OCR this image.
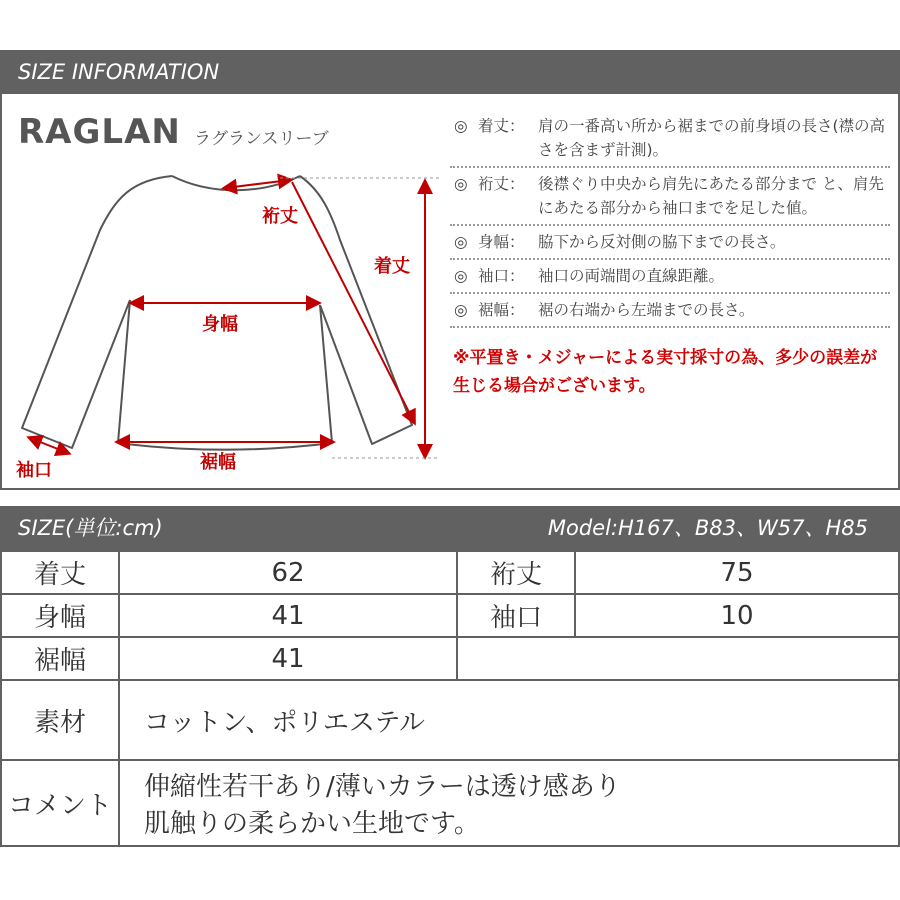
SIZE INFORMATION
RAGLAN ラグランスリーブ
裄丈
着丈
身幅
裾幅
袖口
◎ 着丈： 肩の一番高い所から裾までの前身頃の長さ(襟の高さを含まず計測)。
◎ 裄丈： 後襟ぐり中央から肩先にあたる部分まで と、肩先にあたる部分から袖口までを足した値。
◎ 身幅： 脇下から反対側の脇下までの長さ。
◎ 袖口： 袖口の両端間の直線距離。
◎ 裾幅： 裾の右端から左端までの長さ。
※平置き・メジャーによる実寸採寸の為、多少の誤差が生じる場合がございます。
SIZE(単位:cm)	Model:H167、B83、W57、H85
着丈	62	裄丈	75
身幅	41	袖口	10
裾幅	41		
素材	コットン、ポリエステル		
コメント	伸縮性若干あり/薄いカラーは透け感あり
肌触りの柔らかい生地です。		
